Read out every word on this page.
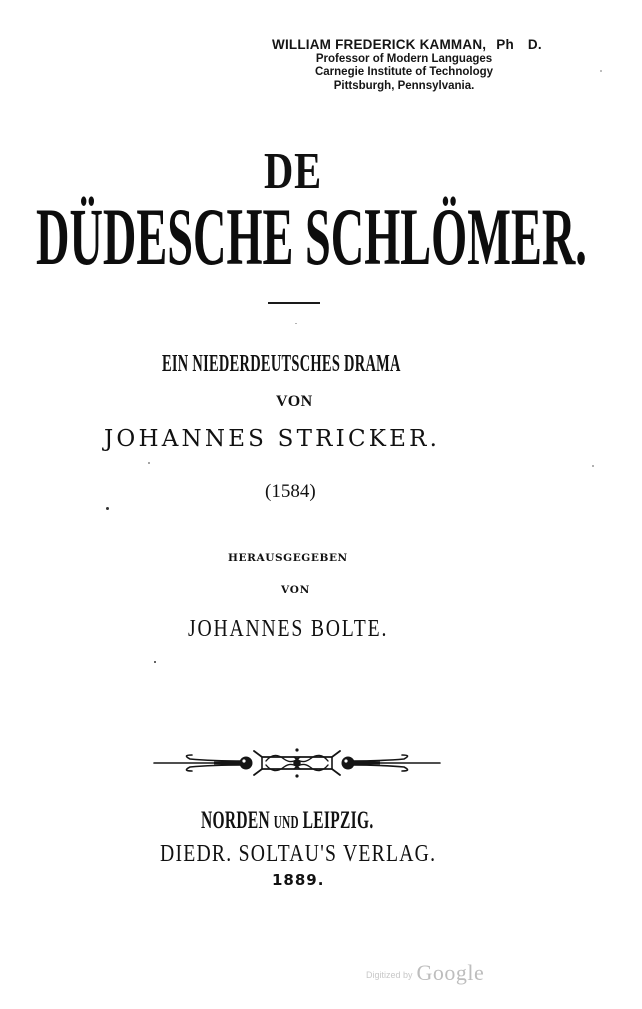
WILLIAM FREDERICK KAMMAN, Ph D.
Professor of Modern Languages
Carnegie Institute of Technology
Pittsburgh, Pennsylvania.
DE
DÜDESCHE SCHLÖMER.
EIN NIEDERDEUTSCHES DRAMA
VON
JOHANNES STRICKER.
(1584)
HERAUSGEGEBEN
VON
JOHANNES BOLTE.
NORDEN UND LEIPZIG.
DIEDR. SOLTAU'S VERLAG.
1889.
Digitized by Google
